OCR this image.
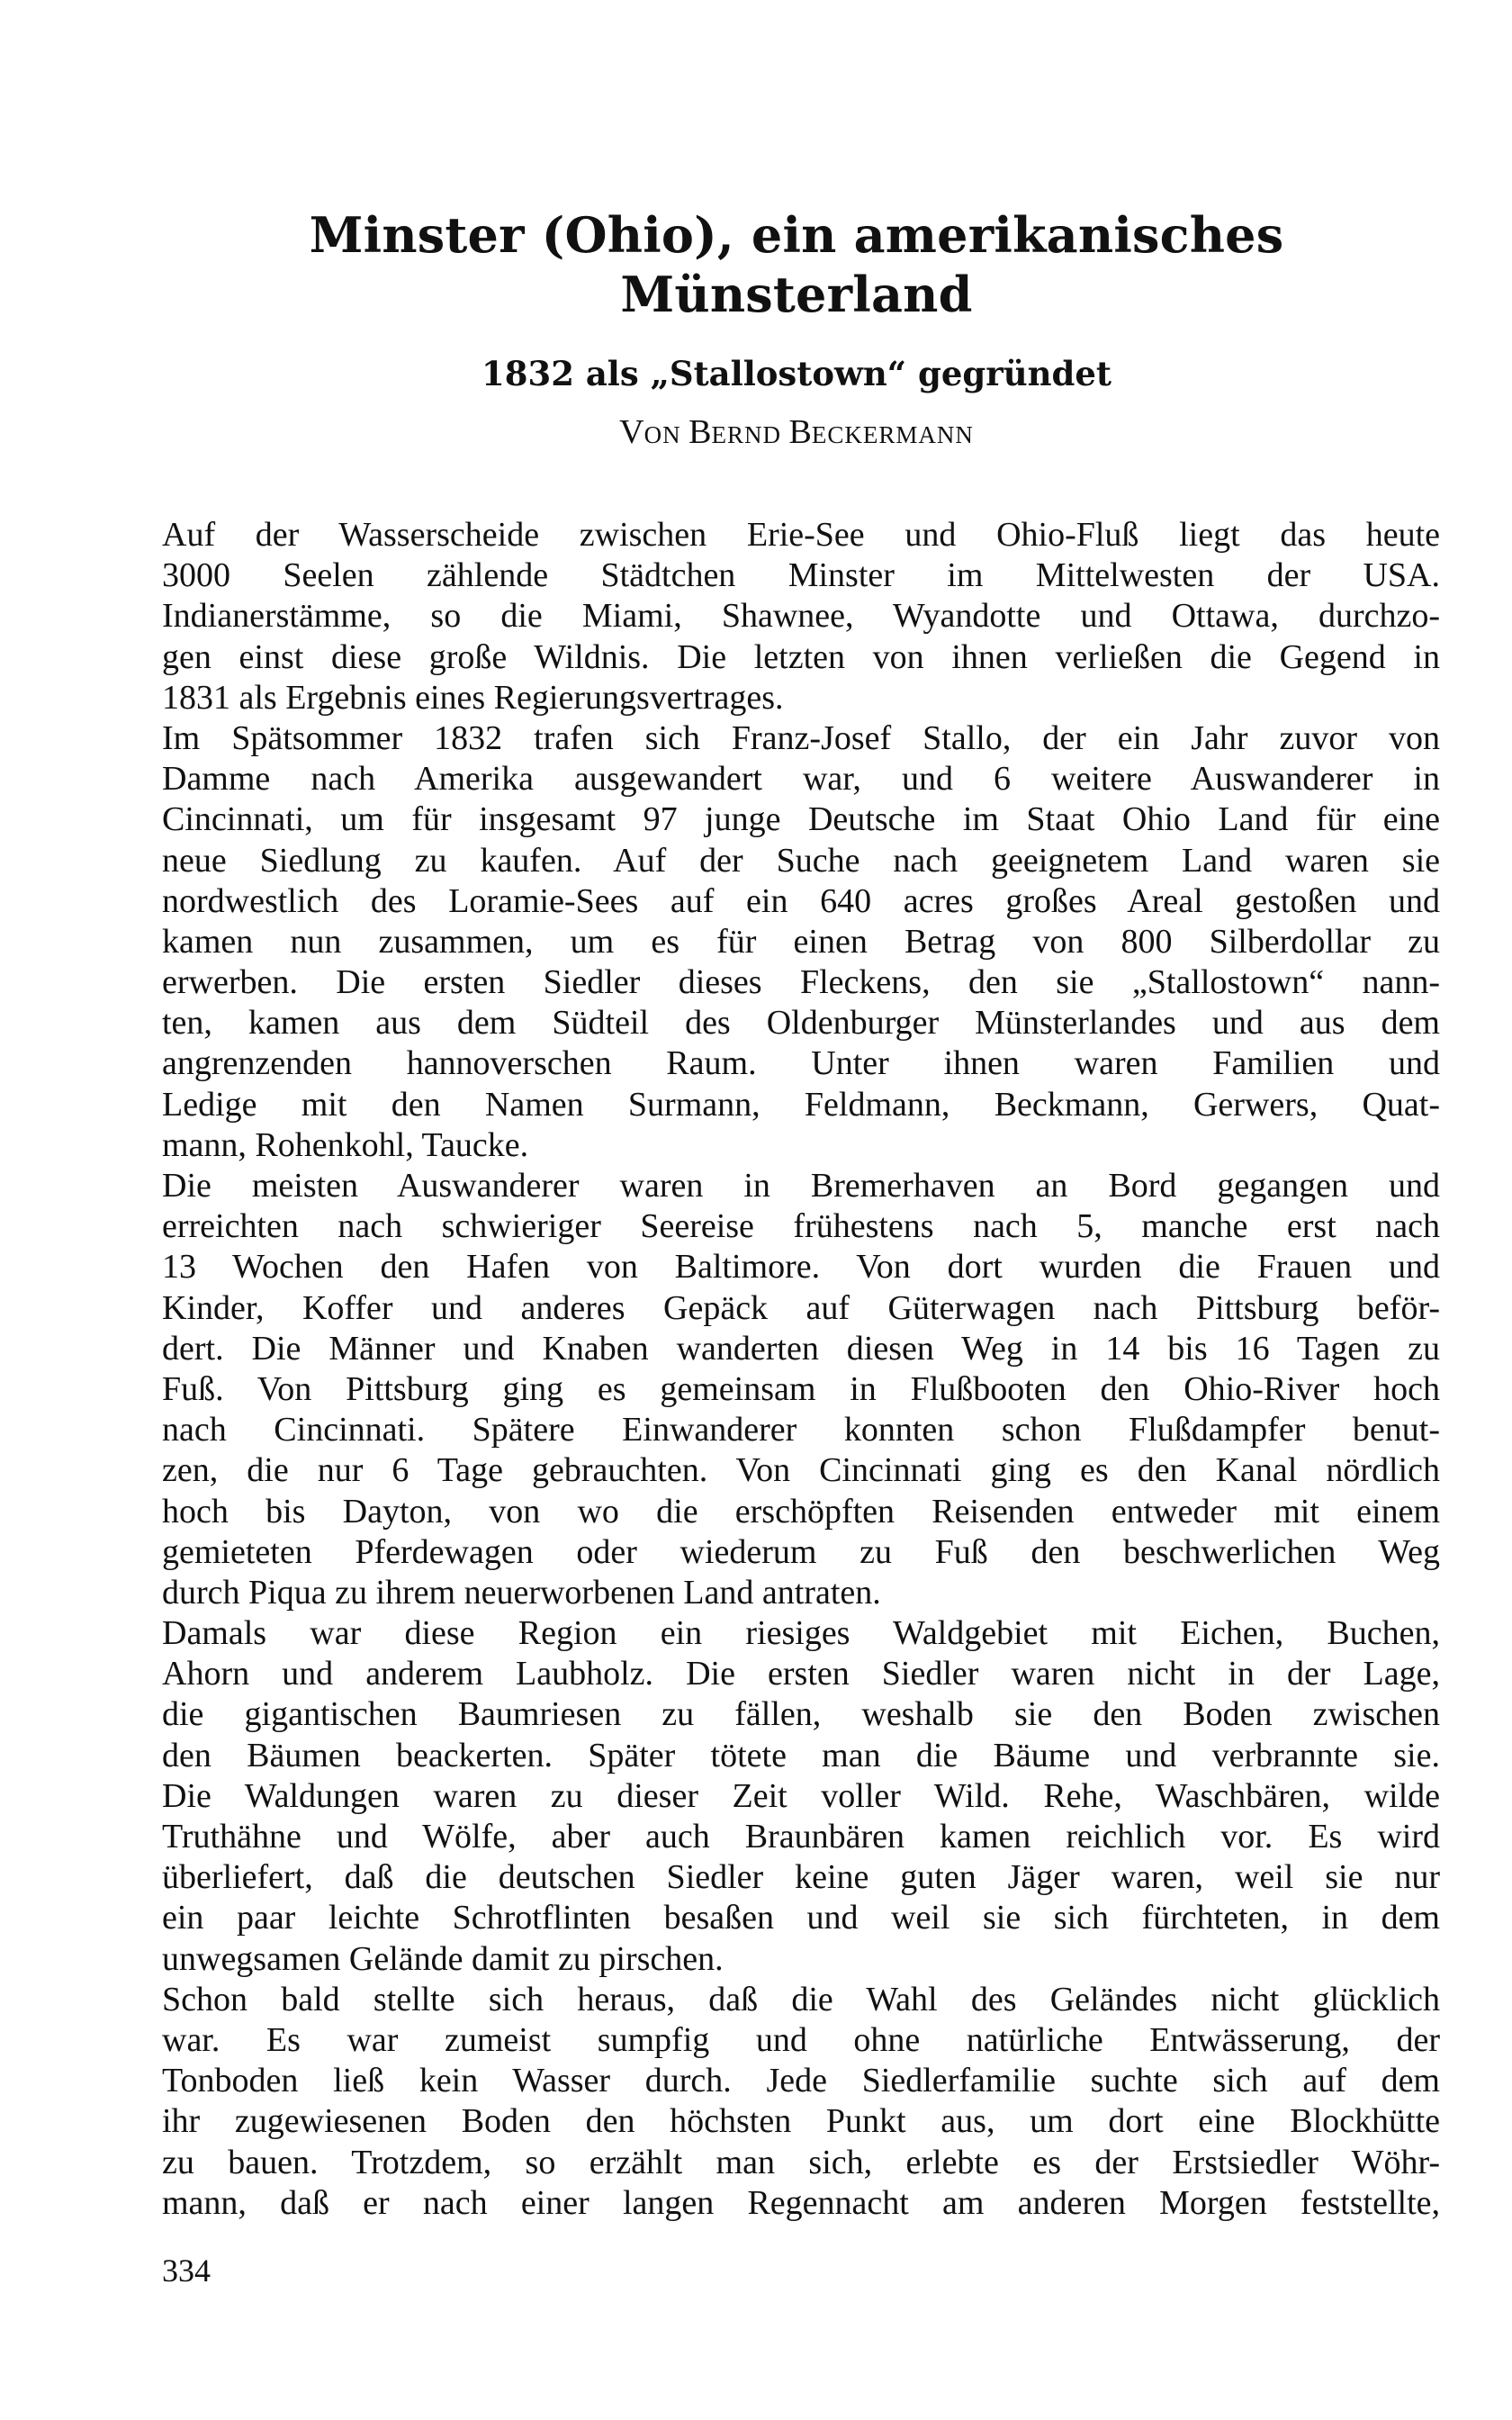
Minster (Ohio), ein amerikanisches
Münsterland
1832 als „Stallostown“ gegründet

VON BERND BECKERMANN

Auf der Wasserscheide zwischen Erie-See und Ohio-Fluß liegt das heute
3000 Seelen zählende Städtchen Minster im Mittelwesten der USA.
Indianerstämme, so die Miami, Shawnee, Wyandotte und Ottawa, durchzo-
gen einst diese große Wildnis. Die letzten von ihnen verließen die Gegend in
1831 als Ergebnis eines Regierungsvertrages.
Im Spätsommer 1832 trafen sich Franz-Josef Stallo, der ein Jahr zuvor von
Damme nach Amerika ausgewandert war, und 6 weitere Auswanderer in
Cincinnati, um für insgesamt 97 junge Deutsche im Staat Ohio Land für eine
neue Siedlung zu kaufen. Auf der Suche nach geeignetem Land waren sie
nordwestlich des Loramie-Sees auf ein 640 acres großes Areal gestoßen und
kamen nun zusammen, um es für einen Betrag von 800 Silberdollar zu
erwerben. Die ersten Siedler dieses Fleckens, den sie „Stallostown“ nann-
ten, kamen aus dem Südteil des Oldenburger Münsterlandes und aus dem
angrenzenden hannoverschen Raum. Unter ihnen waren Familien und
Ledige mit den Namen Surmann, Feldmann, Beckmann, Gerwers, Quat-
mann, Rohenkohl, Taucke.
Die meisten Auswanderer waren in Bremerhaven an Bord gegangen und
erreichten nach schwieriger Seereise frühestens nach 5, manche erst nach
13 Wochen den Hafen von Baltimore. Von dort wurden die Frauen und
Kinder, Koffer und anderes Gepäck auf Güterwagen nach Pittsburg beför-
dert. Die Männer und Knaben wanderten diesen Weg in 14 bis 16 Tagen zu
Fuß. Von Pittsburg ging es gemeinsam in Flußbooten den Ohio-River hoch
nach Cincinnati. Spätere Einwanderer konnten schon Flußdampfer benut-
zen, die nur 6 Tage gebrauchten. Von Cincinnati ging es den Kanal nördlich
hoch bis Dayton, von wo die erschöpften Reisenden entweder mit einem
gemieteten Pferdewagen oder wiederum zu Fuß den beschwerlichen Weg
durch Piqua zu ihrem neuerworbenen Land antraten.
Damals war diese Region ein riesiges Waldgebiet mit Eichen, Buchen,
Ahorn und anderem Laubholz. Die ersten Siedler waren nicht in der Lage,
die gigantischen Baumriesen zu fällen, weshalb sie den Boden zwischen
den Bäumen beackerten. Später tötete man die Bäume und verbrannte sie.
Die Waldungen waren zu dieser Zeit voller Wild. Rehe, Waschbären, wilde
Truthähne und Wölfe, aber auch Braunbären kamen reichlich vor. Es wird
überliefert, daß die deutschen Siedler keine guten Jäger waren, weil sie nur
ein paar leichte Schrotflinten besaßen und weil sie sich fürchteten, in dem
unwegsamen Gelände damit zu pirschen.
Schon bald stellte sich heraus, daß die Wahl des Geländes nicht glücklich
war. Es war zumeist sumpfig und ohne natürliche Entwässerung, der
Tonboden ließ kein Wasser durch. Jede Siedlerfamilie suchte sich auf dem
ihr zugewiesenen Boden den höchsten Punkt aus, um dort eine Blockhütte
zu bauen. Trotzdem, so erzählt man sich, erlebte es der Erstsiedler Wöhr-
mann, daß er nach einer langen Regennacht am anderen Morgen feststellte,

334
